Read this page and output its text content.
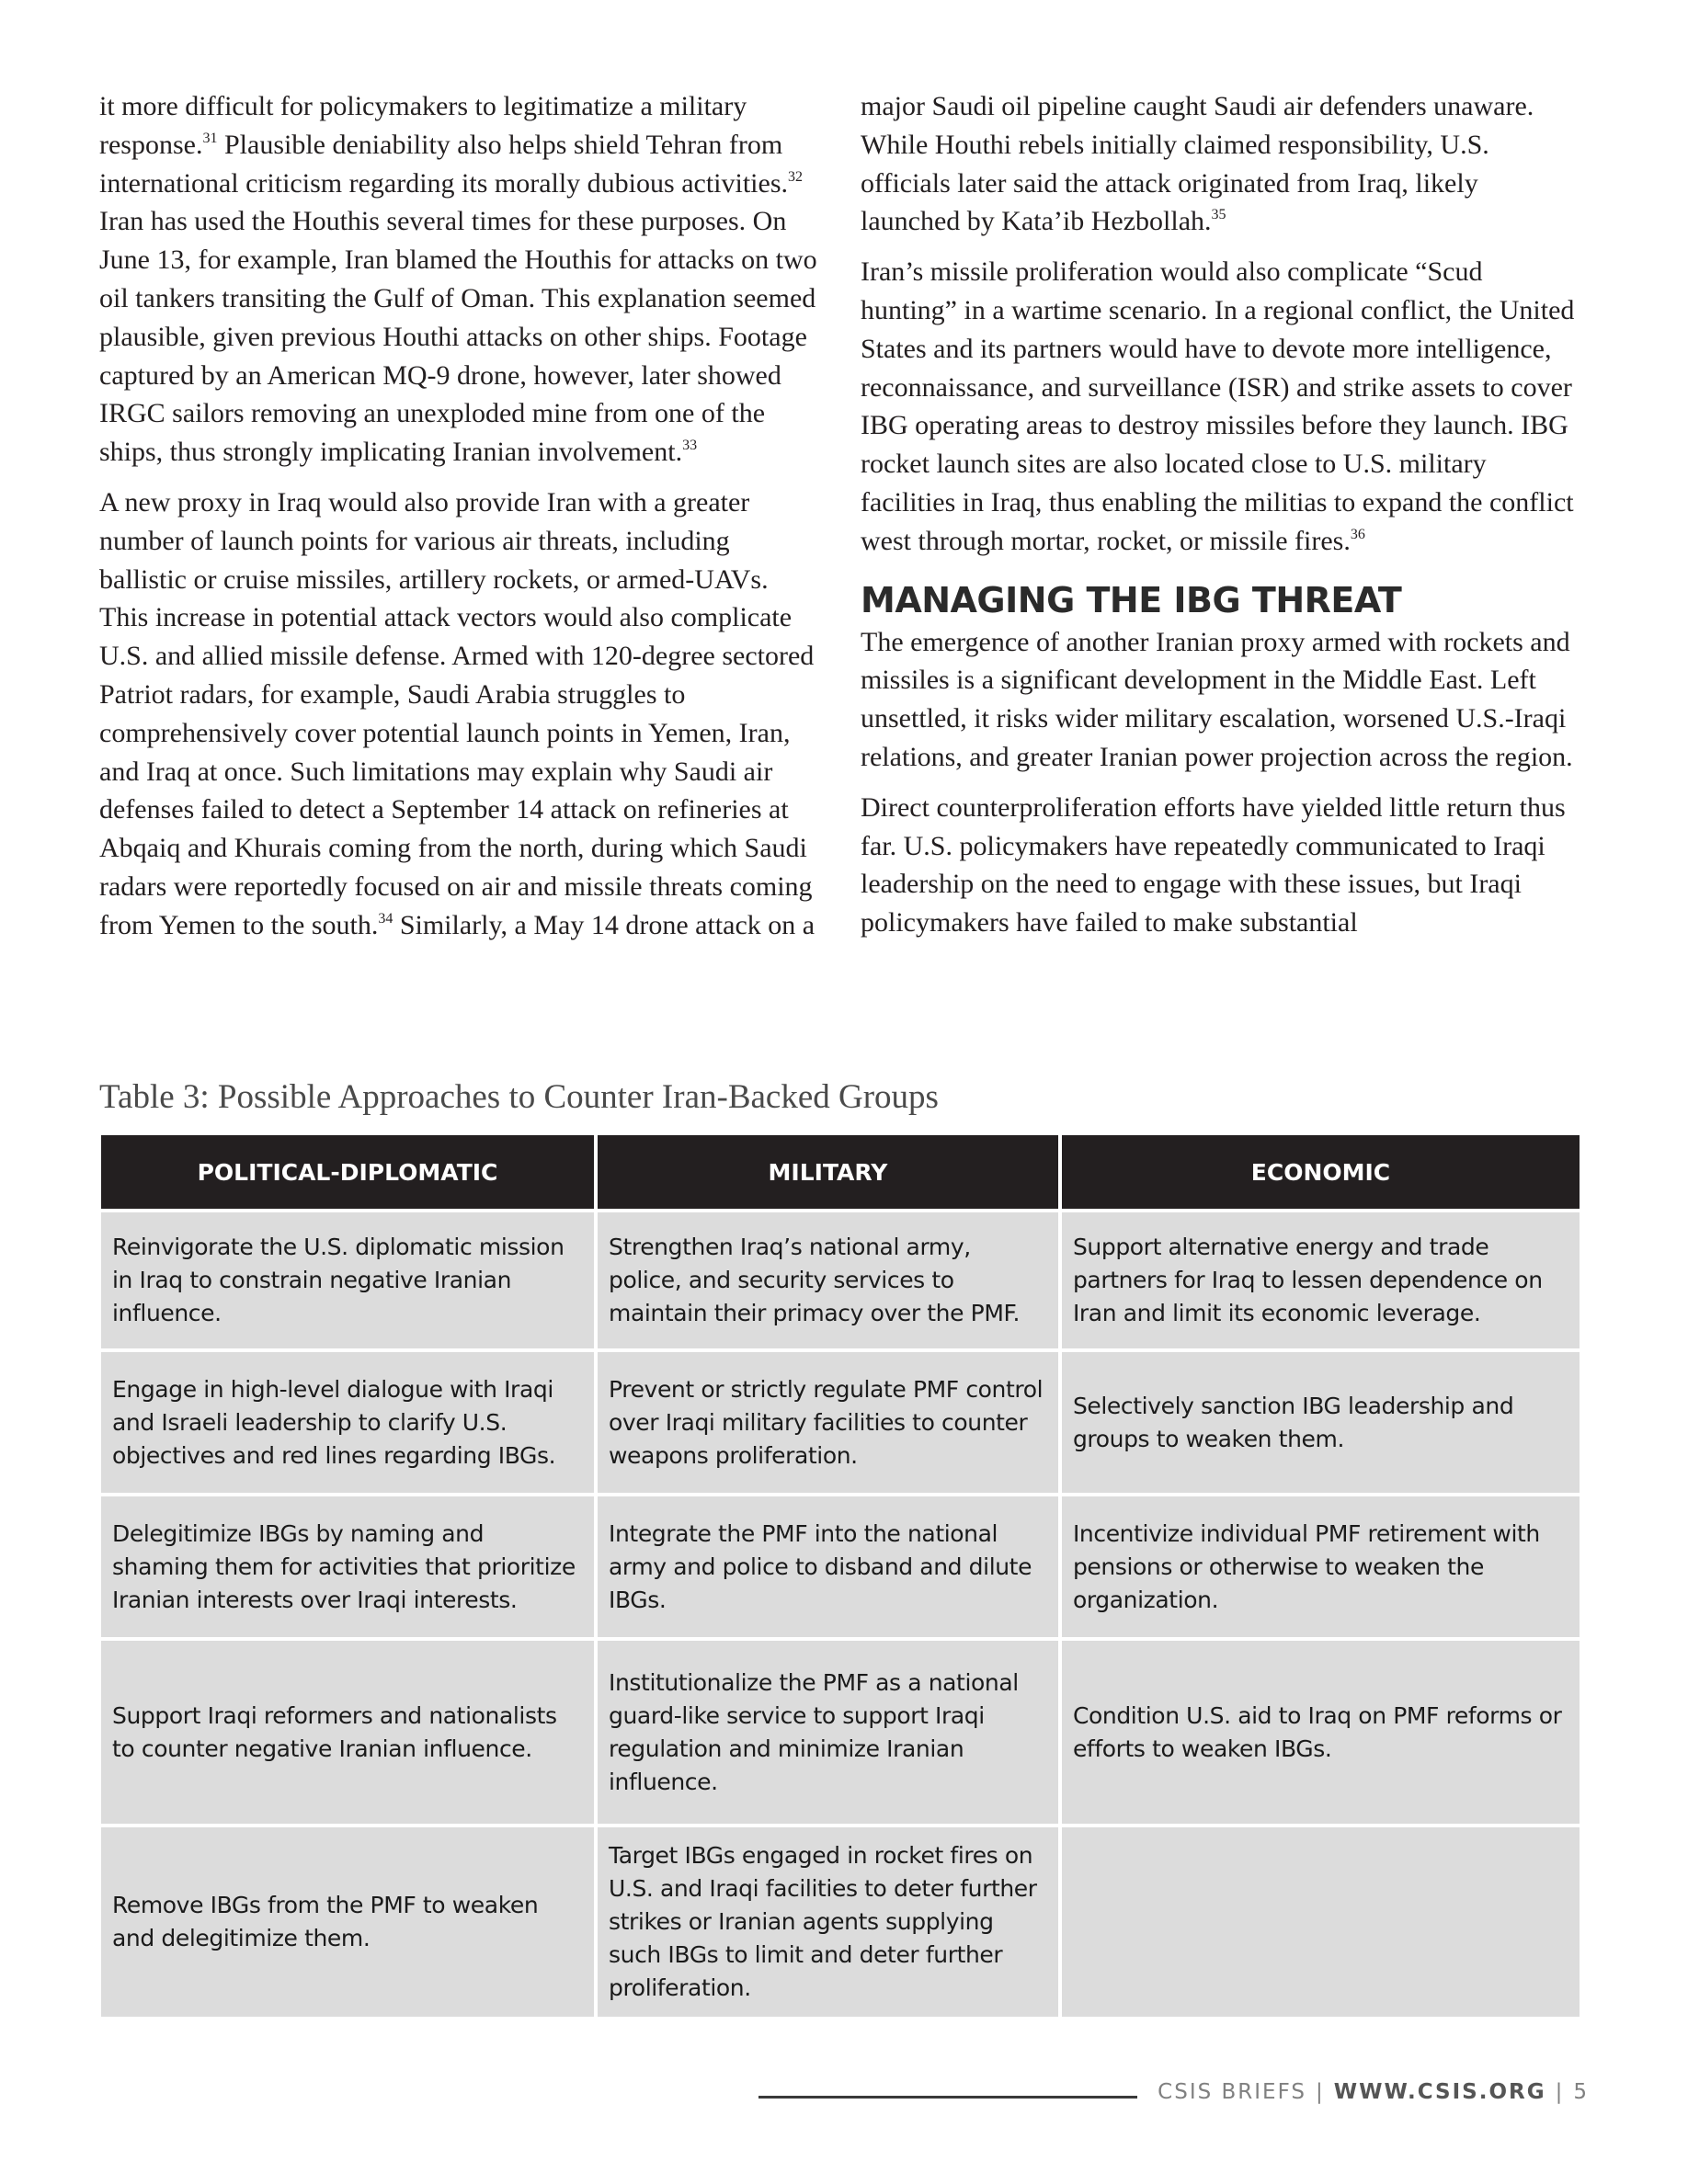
it more difficult for policymakers to legitimatize a military response.$^{31}$ Plausible deniability also helps shield Tehran from international criticism regarding its morally dubious activities.$^{32}$ Iran has used the Houthis several times for these purposes. On June 13, for example, Iran blamed the Houthis for attacks on two oil tankers transiting the Gulf of Oman. This explanation seemed plausible, given previous Houthi attacks on other ships. Footage captured by an American MQ-9 drone, however, later showed IRGC sailors removing an unexploded mine from one of the ships, thus strongly implicating Iranian involvement.$^{33}$

A new proxy in Iraq would also provide Iran with a greater number of launch points for various air threats, including ballistic or cruise missiles, artillery rockets, or armed-UAVs. This increase in potential attack vectors would also complicate U.S. and allied missile defense. Armed with 120-degree sectored Patriot radars, for example, Saudi Arabia struggles to comprehensively cover potential launch points in Yemen, Iran, and Iraq at once. Such limitations may explain why Saudi air defenses failed to detect a September 14 attack on refineries at Abqaiq and Khurais coming from the north, during which Saudi radars were reportedly focused on air and missile threats coming from Yemen to the south.$^{34}$ Similarly, a May 14 drone attack on a

major Saudi oil pipeline caught Saudi air defenders unaware. While Houthi rebels initially claimed responsibility, U.S. officials later said the attack originated from Iraq, likely launched by Kata’ib Hezbollah.$^{35}$

Iran’s missile proliferation would also complicate “Scud hunting” in a wartime scenario. In a regional conflict, the United States and its partners would have to devote more intelligence, reconnaissance, and surveillance (ISR) and strike assets to cover IBG operating areas to destroy missiles before they launch. IBG rocket launch sites are also located close to U.S. military facilities in Iraq, thus enabling the militias to expand the conflict west through mortar, rocket, or missile fires.$^{36}$

MANAGING THE IBG THREAT

The emergence of another Iranian proxy armed with rockets and missiles is a significant development in the Middle East. Left unsettled, it risks wider military escalation, worsened U.S.-Iraqi relations, and greater Iranian power projection across the region.

Direct counterproliferation efforts have yielded little return thus far. U.S. policymakers have repeatedly communicated to Iraqi leadership on the need to engage with these issues, but Iraqi policymakers have failed to make substantial

Table 3: Possible Approaches to Counter Iran-Backed Groups
POLITICAL-DIPLOMATIC	MILITARY	ECONOMIC
Reinvigorate the U.S. diplomatic mission in Iraq to constrain negative Iranian influence.	Strengthen Iraq’s national army, police, and security services to maintain their primacy over the PMF.	Support alternative energy and trade partners for Iraq to lessen dependence on Iran and limit its economic leverage.
Engage in high-level dialogue with Iraqi and Israeli leadership to clarify U.S. objectives and red lines regarding IBGs.	Prevent or strictly regulate PMF control over Iraqi military facilities to counter weapons proliferation.	Selectively sanction IBG leadership and groups to weaken them.
Delegitimize IBGs by naming and shaming them for activities that prioritize Iranian interests over Iraqi interests.	Integrate the PMF into the national army and police to disband and dilute IBGs.	Incentivize individual PMF retirement with pensions or otherwise to weaken the organization.
Support Iraqi reformers and nationalists to counter negative Iranian influence.	Institutionalize the PMF as a national guard-like service to support Iraqi regulation and minimize Iranian influence.	Condition U.S. aid to Iraq on PMF reforms or efforts to weaken IBGs.
Remove IBGs from the PMF to weaken and delegitimize them.	Target IBGs engaged in rocket fires on U.S. and Iraqi facilities to deter further strikes or Iranian agents supplying such IBGs to limit and deter further proliferation.	
CSIS BRIEFS | WWW.CSIS.ORG | 5
